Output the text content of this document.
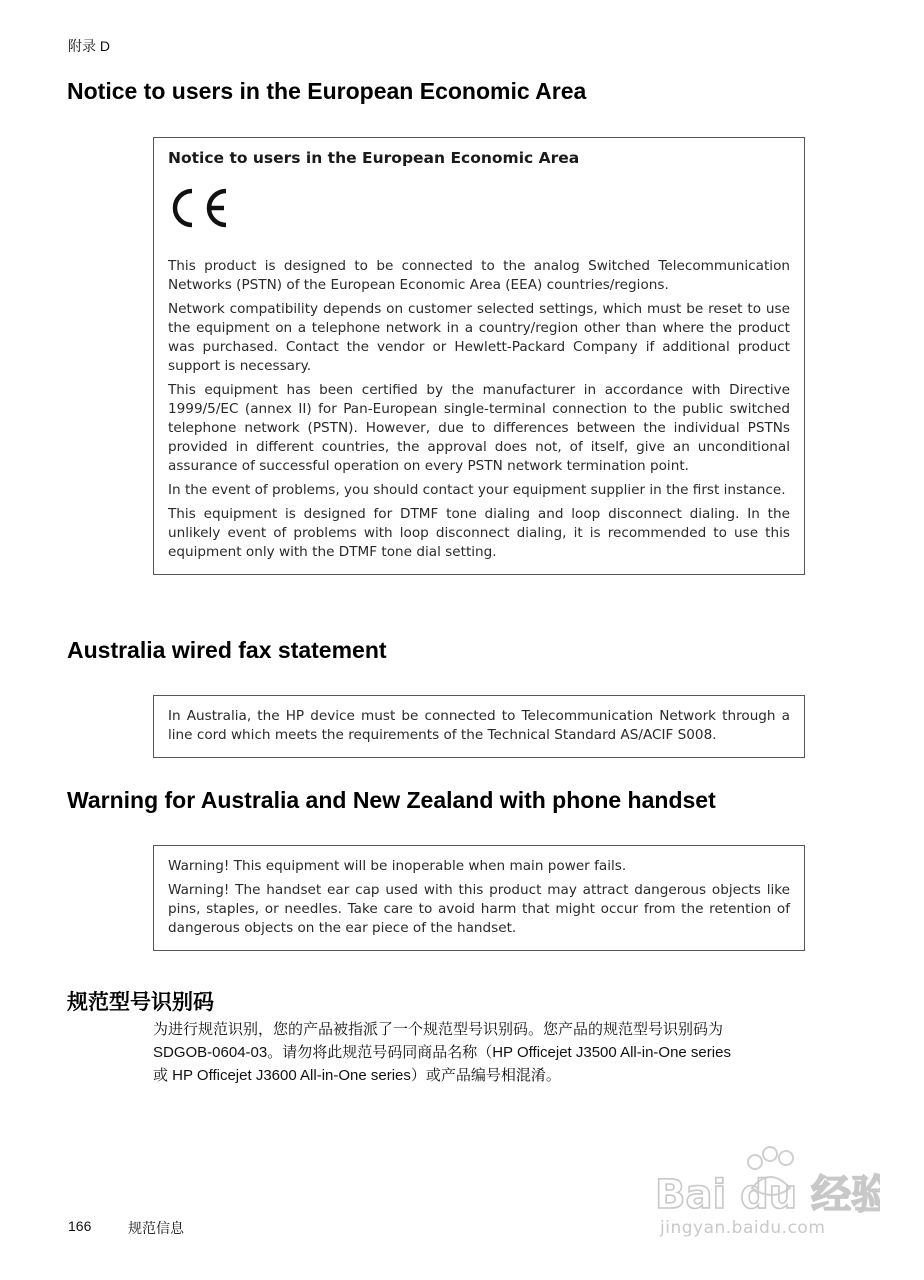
附录 D
Notice to users in the European Economic Area
Notice to users in the European Economic Area

This product is designed to be connected to the analog Switched Telecommunication Networks (PSTN) of the European Economic Area (EEA) countries/regions.

Network compatibility depends on customer selected settings, which must be reset to use the equipment on a telephone network in a country/region other than where the product was purchased. Contact the vendor or Hewlett-Packard Company if additional product support is necessary.

This equipment has been certified by the manufacturer in accordance with Directive 1999/5/EC (annex II) for Pan-European single-terminal connection to the public switched telephone network (PSTN). However, due to differences between the individual PSTNs provided in different countries, the approval does not, of itself, give an unconditional assurance of successful operation on every PSTN network termination point.

In the event of problems, you should contact your equipment supplier in the first instance.

This equipment is designed for DTMF tone dialing and loop disconnect dialing. In the unlikely event of problems with loop disconnect dialing, it is recommended to use this equipment only with the DTMF tone dial setting.

Australia wired fax statement

In Australia, the HP device must be connected to Telecommunication Network through a line cord which meets the requirements of the Technical Standard AS/ACIF S008.

Warning for Australia and New Zealand with phone handset

Warning! This equipment will be inoperable when main power fails.

Warning! The handset ear cap used with this product may attract dangerous objects like pins, staples, or needles. Take care to avoid harm that might occur from the retention of dangerous objects on the ear piece of the handset.

规范型号识别码

为进行规范识别，您的产品被指派了一个规范型号识别码。您产品的规范型号识别码为

SDGOB-0604-03。请勿将此规范号码同商品名称（HP Officejet J3500 All-in-One series

或 HP Officejet J3600 All-in-One series）或产品编号相混淆。

166	规范信息
Bai du 经验
jingyan.baidu.com
